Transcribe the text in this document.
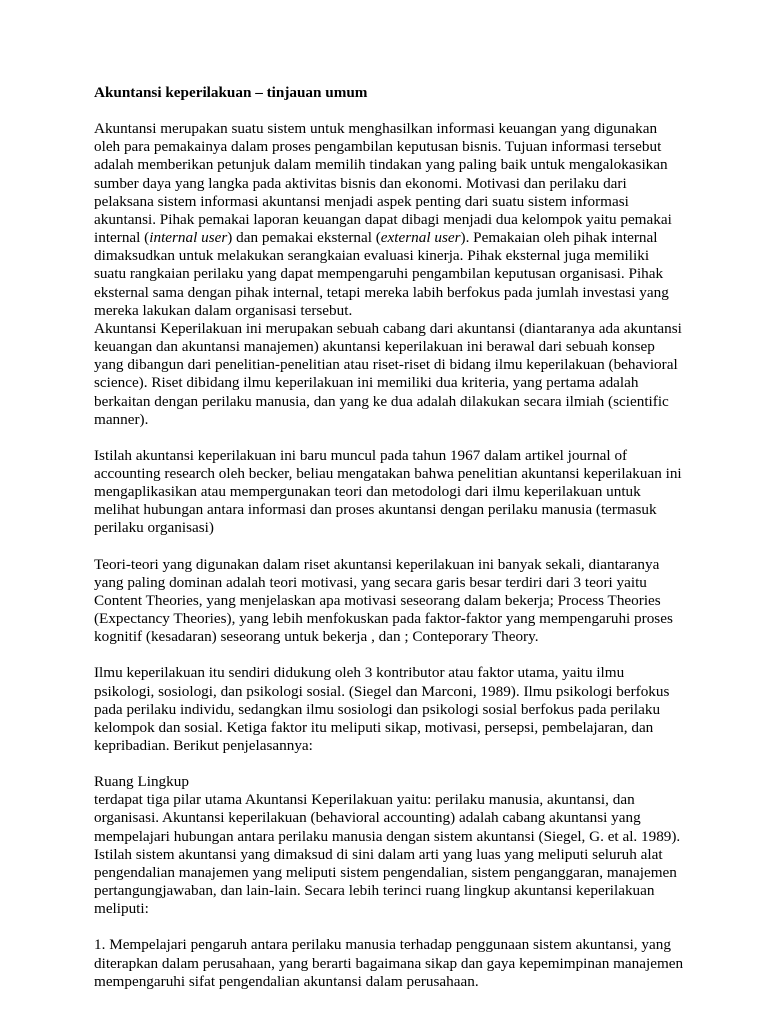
Akuntansi keperilakuan – tinjauan umum

Akuntansi merupakan suatu sistem untuk menghasilkan informasi keuangan yang digunakan oleh para pemakainya dalam proses pengambilan keputusan bisnis. Tujuan informasi tersebut adalah memberikan petunjuk dalam memilih tindakan yang paling baik untuk mengalokasikan sumber daya yang langka pada aktivitas bisnis dan ekonomi. Motivasi dan perilaku dari pelaksana sistem informasi akuntansi menjadi aspek penting dari suatu sistem informasi akuntansi. Pihak pemakai laporan keuangan dapat dibagi menjadi dua kelompok yaitu pemakai internal (internal user) dan pemakai eksternal (external user). Pemakaian oleh pihak internal dimaksudkan untuk melakukan serangkaian evaluasi kinerja. Pihak eksternal juga memiliki suatu rangkaian perilaku yang dapat mempengaruhi pengambilan keputusan organisasi. Pihak eksternal sama dengan pihak internal, tetapi mereka labih berfokus pada jumlah investasi yang mereka lakukan dalam organisasi tersebut.

Akuntansi Keperilakuan ini merupakan sebuah cabang dari akuntansi (diantaranya ada akuntansi keuangan dan akuntansi manajemen) akuntansi keperilakuan ini berawal dari sebuah konsep yang dibangun dari penelitian-penelitian atau riset-riset di bidang ilmu keperilakuan (behavioral science). Riset dibidang ilmu keperilakuan ini memiliki dua kriteria, yang pertama adalah berkaitan dengan perilaku manusia, dan yang ke dua adalah dilakukan secara ilmiah (scientific manner).

Istilah akuntansi keperilakuan ini baru muncul pada tahun 1967 dalam artikel journal of accounting research oleh becker, beliau mengatakan bahwa penelitian akuntansi keperilakuan ini mengaplikasikan atau mempergunakan teori dan metodologi dari ilmu keperilakuan untuk melihat hubungan antara informasi dan proses akuntansi dengan perilaku manusia (termasuk perilaku organisasi)

Teori-teori yang digunakan dalam riset akuntansi keperilakuan ini banyak sekali, diantaranya yang paling dominan adalah teori motivasi, yang secara garis besar terdiri dari 3 teori yaitu Content Theories, yang menjelaskan apa motivasi seseorang dalam bekerja; Process Theories (Expectancy Theories), yang lebih menfokuskan pada faktor-faktor yang mempengaruhi proses kognitif (kesadaran) seseorang untuk bekerja , dan ; Conteporary Theory.

Ilmu keperilakuan itu sendiri didukung oleh 3 kontributor atau faktor utama, yaitu ilmu psikologi, sosiologi, dan psikologi sosial. (Siegel dan Marconi, 1989). Ilmu psikologi berfokus pada perilaku individu, sedangkan ilmu sosiologi dan psikologi sosial berfokus pada perilaku kelompok dan sosial. Ketiga faktor itu meliputi sikap, motivasi, persepsi, pembelajaran, dan kepribadian. Berikut penjelasannya:

Ruang Lingkup

terdapat tiga pilar utama Akuntansi Keperilakuan yaitu: perilaku manusia, akuntansi, dan organisasi. Akuntansi keperilakuan (behavioral accounting) adalah cabang akuntansi yang mempelajari hubungan antara perilaku manusia dengan sistem akuntansi (Siegel, G. et al. 1989). Istilah sistem akuntansi yang dimaksud di sini dalam arti yang luas yang meliputi seluruh alat pengendalian manajemen yang meliputi sistem pengendalian, sistem penganggaran, manajemen pertangungjawaban, dan lain-lain. Secara lebih terinci ruang lingkup akuntansi keperilakuan meliputi:

1. Mempelajari pengaruh antara perilaku manusia terhadap penggunaan sistem akuntansi, yang diterapkan dalam perusahaan, yang berarti bagaimana sikap dan gaya kepemimpinan manajemen mempengaruhi sifat pengendalian akuntansi dalam perusahaan.
